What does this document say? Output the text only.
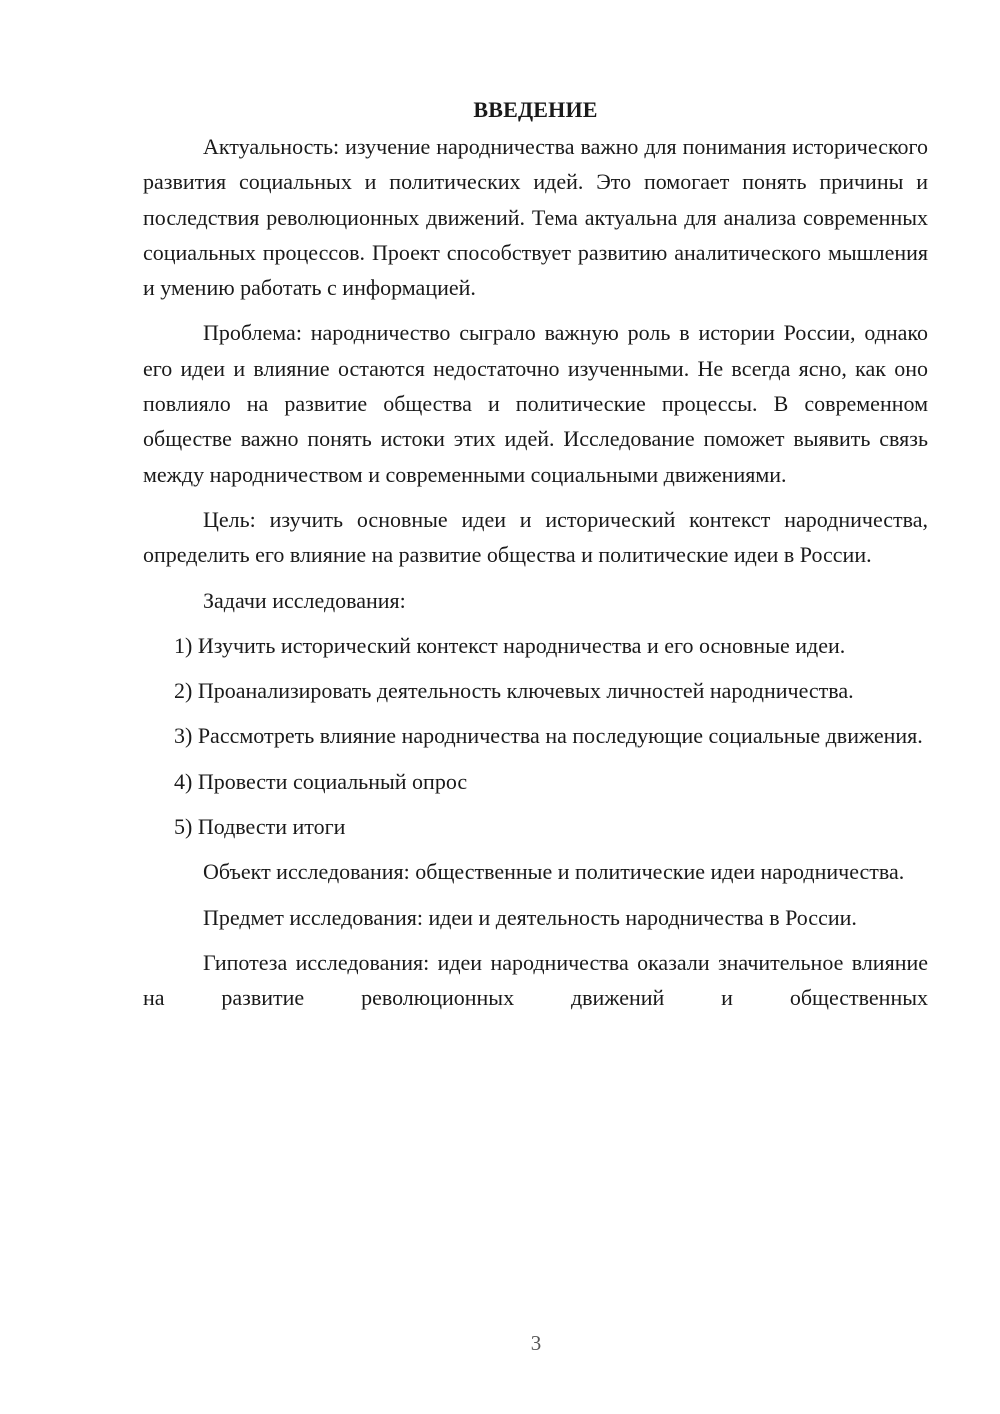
ВВЕДЕНИЕ

Актуальность: изучение народничества важно для понимания исторического развития социальных и политических идей. Это помогает понять причины и последствия революционных движений. Тема актуальна для анализа современных социальных процессов. Проект способствует развитию аналитического мышления и умению работать с информацией.

Проблема: народничество сыграло важную роль в истории России, однако его идеи и влияние остаются недостаточно изученными. Не всегда ясно, как оно повлияло на развитие общества и политические процессы. В современном обществе важно понять истоки этих идей. Исследование поможет выявить связь между народничеством и современными социальными движениями.

Цель: изучить основные идеи и исторический контекст народничества, определить его влияние на развитие общества и политические идеи в России.

Задачи исследования:

1) Изучить исторический контекст народничества и его основные идеи.

2) Проанализировать деятельность ключевых личностей народничества.

3) Рассмотреть влияние народничества на последующие социальные движения.

4) Провести социальный опрос

5) Подвести итоги

Объект исследования: общественные и политические идеи народничества.

Предмет исследования: идеи и деятельность народничества в России.

Гипотеза исследования: идеи народничества оказали значительное влияние на развитие революционных движений и общественных

3
